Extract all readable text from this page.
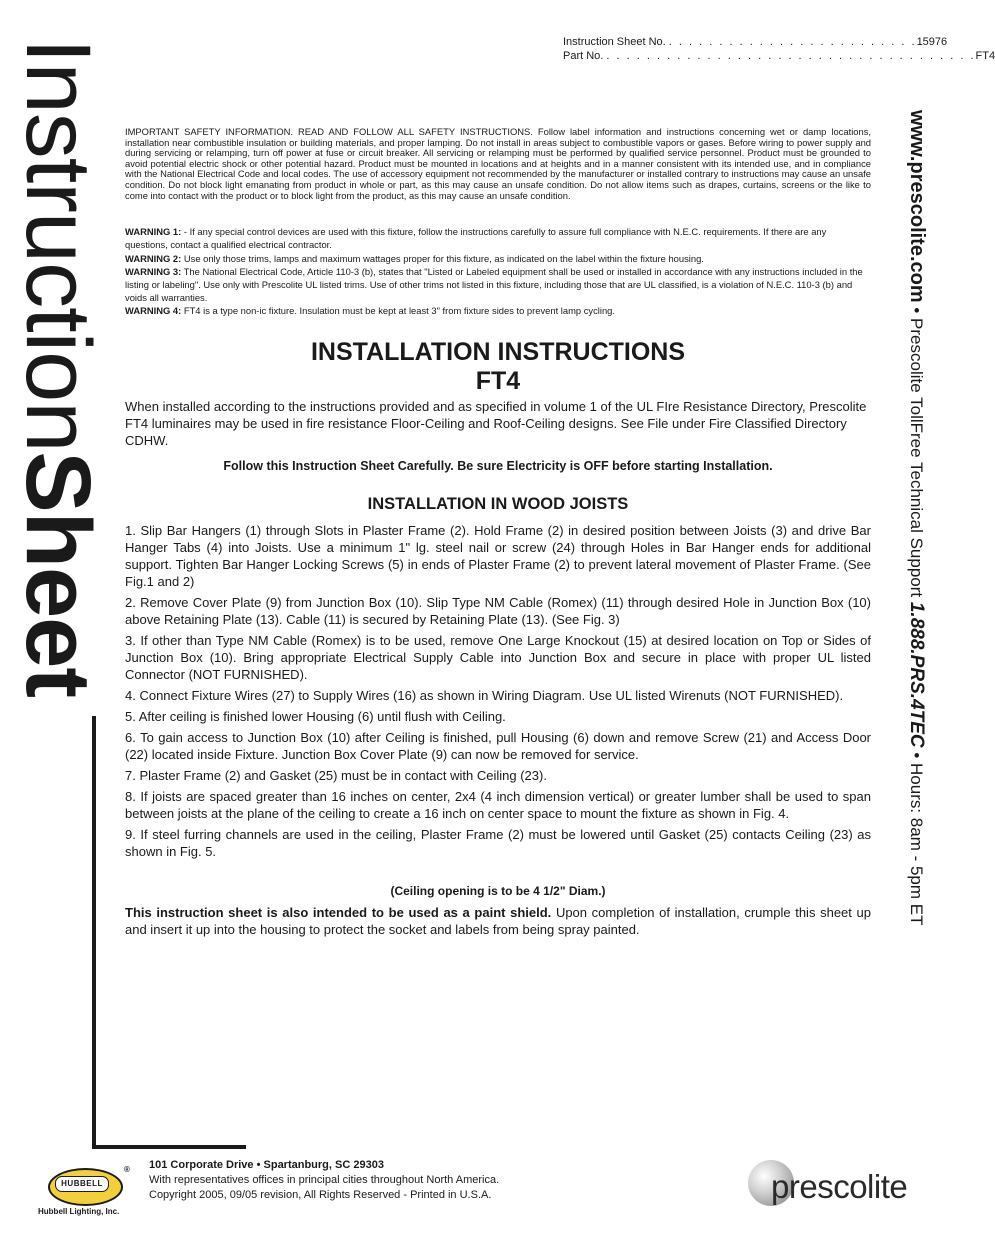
InstructionSheet
Instruction Sheet No.
. . . . . . . . . . . . . . . . . . . . . . . . . 15976
Part No.
. . . . . . . . . . . . . . . . . . . . . . . . . . . . . . . . . . . . . FT4
www.prescolite.com • Prescolite TollFree Technical Support 1.888.PRS.4TEC • Hours: 8am - 5pm ET

IMPORTANT SAFETY INFORMATION. READ AND FOLLOW ALL SAFETY INSTRUCTIONS. Follow label information and instructions concerning wet or damp locations, installation near combustible insulation or building materials, and proper lamping. Do not install in areas subject to combustible vapors or gases. Before wiring to power supply and during servicing or relamping, turn off power at fuse or circuit breaker. All servicing or relamping must be performed by qualified service personnel. Product must be grounded to avoid potential electric shock or other potential hazard. Product must be mounted in locations and at heights and in a manner consistent with its intended use, and in compliance with the National Electrical Code and local codes. The use of accessory equipment not recommended by the manufacturer or installed contrary to instructions may cause an unsafe condition. Do not block light emanating from product in whole or part, as this may cause an unsafe condition. Do not allow items such as drapes, curtains, screens or the like to come into contact with the product or to block light from the product, as this may cause an unsafe condition.

WARNING 1: - If any special control devices are used with this fixture, follow the instructions carefully to assure full compliance with N.E.C. requirements. If there are any questions, contact a qualified electrical contractor.

WARNING 2: Use only those trims, lamps and maximum wattages proper for this fixture, as indicated on the label within the fixture housing.

WARNING 3: The National Electrical Code, Article 110-3 (b), states that "Listed or Labeled equipment shall be used or installed in accordance with any instructions included in the listing or labeling". Use only with Prescolite UL listed trims. Use of other trims not listed in this fixture, including those that are UL classified, is a violation of N.E.C. 110-3 (b) and voids all warranties.

WARNING 4: FT4 is a type non-ic fixture. Insulation must be kept at least 3" from fixture sides to prevent lamp cycling.

INSTALLATION INSTRUCTIONS
FT4

When installed according to the instructions provided and as specified in volume 1 of the UL FIre Resistance Directory, Prescolite FT4 luminaires may be used in fire resistance Floor-Ceiling and Roof-Ceiling designs. See File under Fire Classified Directory CDHW.

Follow this Instruction Sheet Carefully. Be sure Electricity is OFF before starting Installation.

INSTALLATION IN WOOD JOISTS
1. Slip Bar Hangers (1) through Slots in Plaster Frame (2). Hold Frame (2) in desired position between Joists (3) and drive Bar Hanger Tabs (4) into Joists. Use a minimum 1" lg. steel nail or screw (24) through Holes in Bar Hanger ends for additional support. Tighten Bar Hanger Locking Screws (5) in ends of Plaster Frame (2) to prevent lateral movement of Plaster Frame. (See Fig.1 and 2)
2. Remove Cover Plate (9) from Junction Box (10). Slip Type NM Cable (Romex) (11) through desired Hole in Junction Box (10) above Retaining Plate (13). Cable (11) is secured by Retaining Plate (13). (See Fig. 3)
3. If other than Type NM Cable (Romex) is to be used, remove One Large Knockout (15) at desired location on Top or Sides of Junction Box (10). Bring appropriate Electrical Supply Cable into Junction Box and secure in place with proper UL listed Connector (NOT FURNISHED).
4. Connect Fixture Wires (27) to Supply Wires (16) as shown in Wiring Diagram. Use UL listed Wirenuts (NOT FURNISHED).
5. After ceiling is finished lower Housing (6) until flush with Ceiling.
6. To gain access to Junction Box (10) after Ceiling is finished, pull Housing (6) down and remove Screw (21) and Access Door (22) located inside Fixture. Junction Box Cover Plate (9) can now be removed for service.
7. Plaster Frame (2) and Gasket (25) must be in contact with Ceiling (23).
8. If joists are spaced greater than 16 inches on center, 2x4 (4 inch dimension vertical) or greater lumber shall be used to span between joists at the plane of the ceiling to create a 16 inch on center space to mount the fixture as shown in Fig. 4.
9. If steel furring channels are used in the ceiling, Plaster Frame (2) must be lowered until Gasket (25) contacts Ceiling (23) as shown in Fig. 5.

(Ceiling opening is to be 4 1/2" Diam.)

This instruction sheet is also intended to be used as a paint shield. Upon completion of installation, crumple this sheet up and insert it up into the housing to protect the socket and labels from being spray painted.

HUBBELL
®
Hubbell Lighting, Inc.
101 Corporate Drive • Spartanburg, SC 29303
With representatives offices in principal cities throughout North America.
Copyright 2005, 09/05 revision, All Rights Reserved - Printed in U.S.A.	prescolite
